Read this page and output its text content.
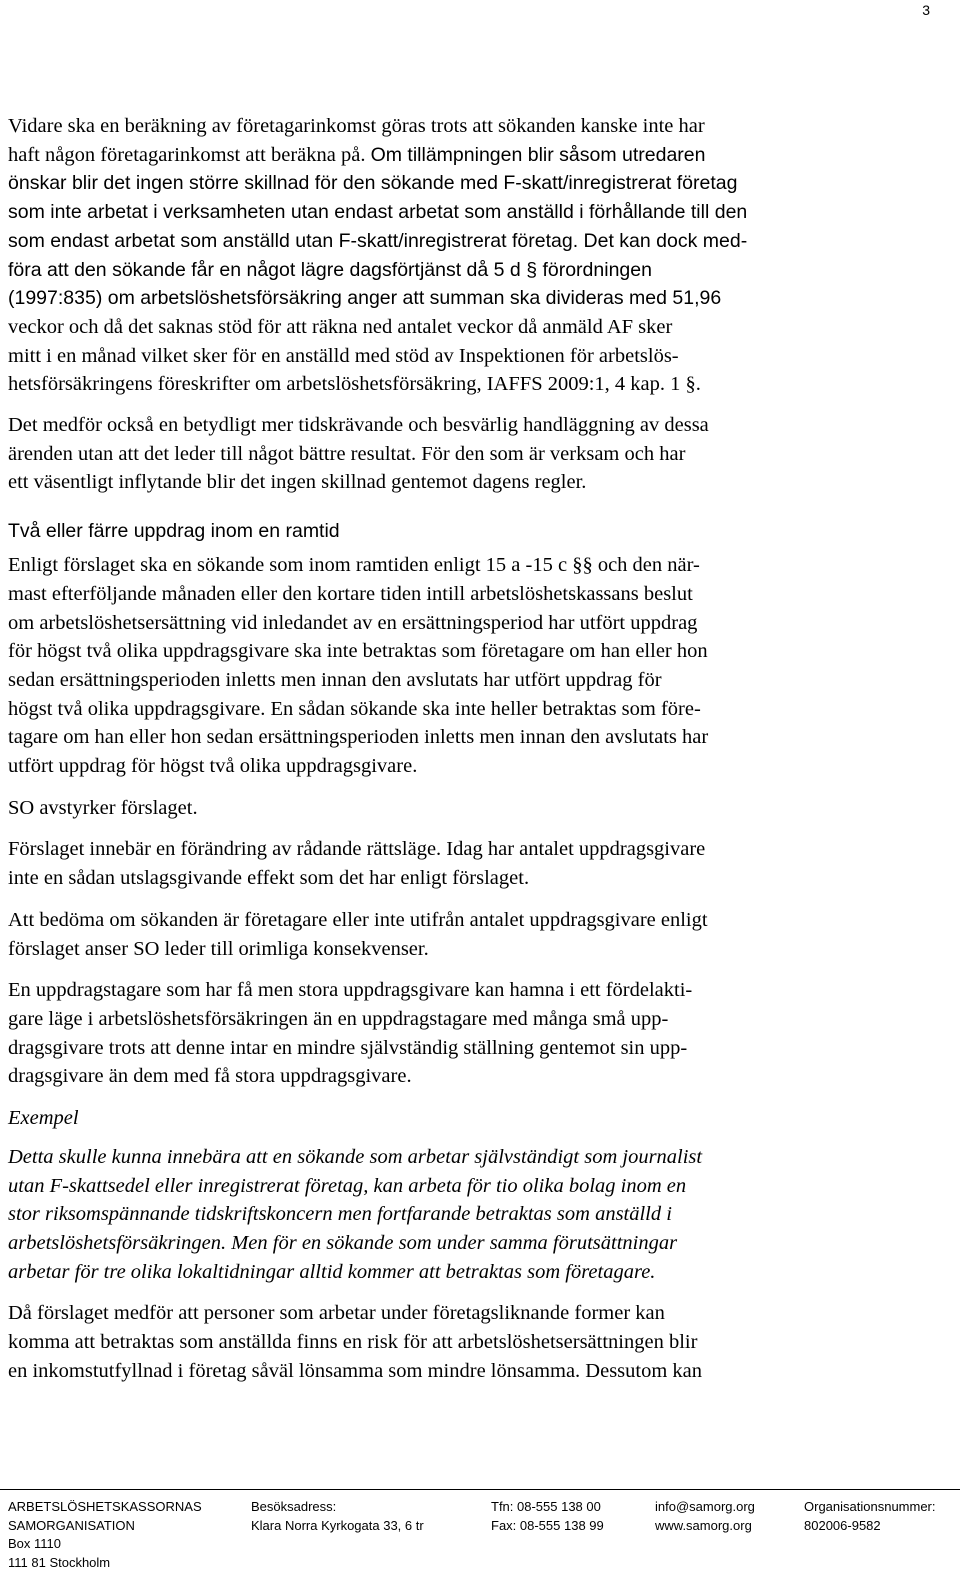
3
Vidare ska en beräkning av företagarinkomst göras trots att sökanden kanske inte har
haft någon företagarinkomst att beräkna på. Om tillämpningen blir såsom utredaren
önskar blir det ingen större skillnad för den sökande med F-skatt/inregistrerat företag
som inte arbetat i verksamheten utan endast arbetat som anställd i förhållande till den
som endast arbetat som anställd utan F-skatt/inregistrerat företag. Det kan dock med-
föra att den sökande får en något lägre dagsförtjänst då 5 d § förordningen
(1997:835) om arbetslöshetsförsäkring anger att summan ska divideras med 51,96
veckor och då det saknas stöd för att räkna ned antalet veckor då anmäld AF sker
mitt i en månad vilket sker för en anställd med stöd av Inspektionen för arbetslös-
hetsförsäkringens föreskrifter om arbetslöshetsförsäkring, IAFFS 2009:1, 4 kap. 1 §.
Det medför också en betydligt mer tidskrävande och besvärlig handläggning av dessa
ärenden utan att det leder till något bättre resultat. För den som är verksam och har
ett väsentligt inflytande blir det ingen skillnad gentemot dagens regler.
Två eller färre uppdrag inom en ramtid
Enligt förslaget ska en sökande som inom ramtiden enligt 15 a -15 c §§ och den när-
mast efterföljande månaden eller den kortare tiden intill arbetslöshetskassans beslut
om arbetslöshetsersättning vid inledandet av en ersättningsperiod har utfört uppdrag
för högst två olika uppdragsgivare ska inte betraktas som företagare om han eller hon
sedan ersättningsperioden inletts men innan den avslutats har utfört uppdrag för
högst två olika uppdragsgivare. En sådan sökande ska inte heller betraktas som före-
tagare om han eller hon sedan ersättningsperioden inletts men innan den avslutats har
utfört uppdrag för högst två olika uppdragsgivare.
SO avstyrker förslaget.
Förslaget innebär en förändring av rådande rättsläge. Idag har antalet uppdragsgivare
inte en sådan utslagsgivande effekt som det har enligt förslaget.
Att bedöma om sökanden är företagare eller inte utifrån antalet uppdragsgivare enligt
förslaget anser SO leder till orimliga konsekvenser.
En uppdragstagare som har få men stora uppdragsgivare kan hamna i ett fördelakti-
gare läge i arbetslöshetsförsäkringen än en uppdragstagare med många små upp-
dragsgivare trots att denne intar en mindre självständig ställning gentemot sin upp-
dragsgivare än dem med få stora uppdragsgivare.
Exempel
Detta skulle kunna innebära att en sökande som arbetar självständigt som journalist
utan F-skattsedel eller inregistrerat företag, kan arbeta för tio olika bolag inom en
stor riksomspännande tidskriftskoncern men fortfarande betraktas som anställd i
arbetslöshetsförsäkringen. Men för en sökande som under samma förutsättningar
arbetar för tre olika lokaltidningar alltid kommer att betraktas som företagare.
Då förslaget medför att personer som arbetar under företagsliknande former kan
komma att betraktas som anställda finns en risk för att arbetslöshetsersättningen blir
en inkomstutfyllnad i företag såväl lönsamma som mindre lönsamma. Dessutom kan
ARBETSLÖSHETSKASSORNAS
SAMORGANISATION
Box 1110
111 81 Stockholm
Besöksadress:
Klara Norra Kyrkogata 33, 6 tr
Tfn: 08-555 138 00
Fax: 08-555 138 99
info@samorg.org
www.samorg.org
Organisationsnummer:
802006-9582
